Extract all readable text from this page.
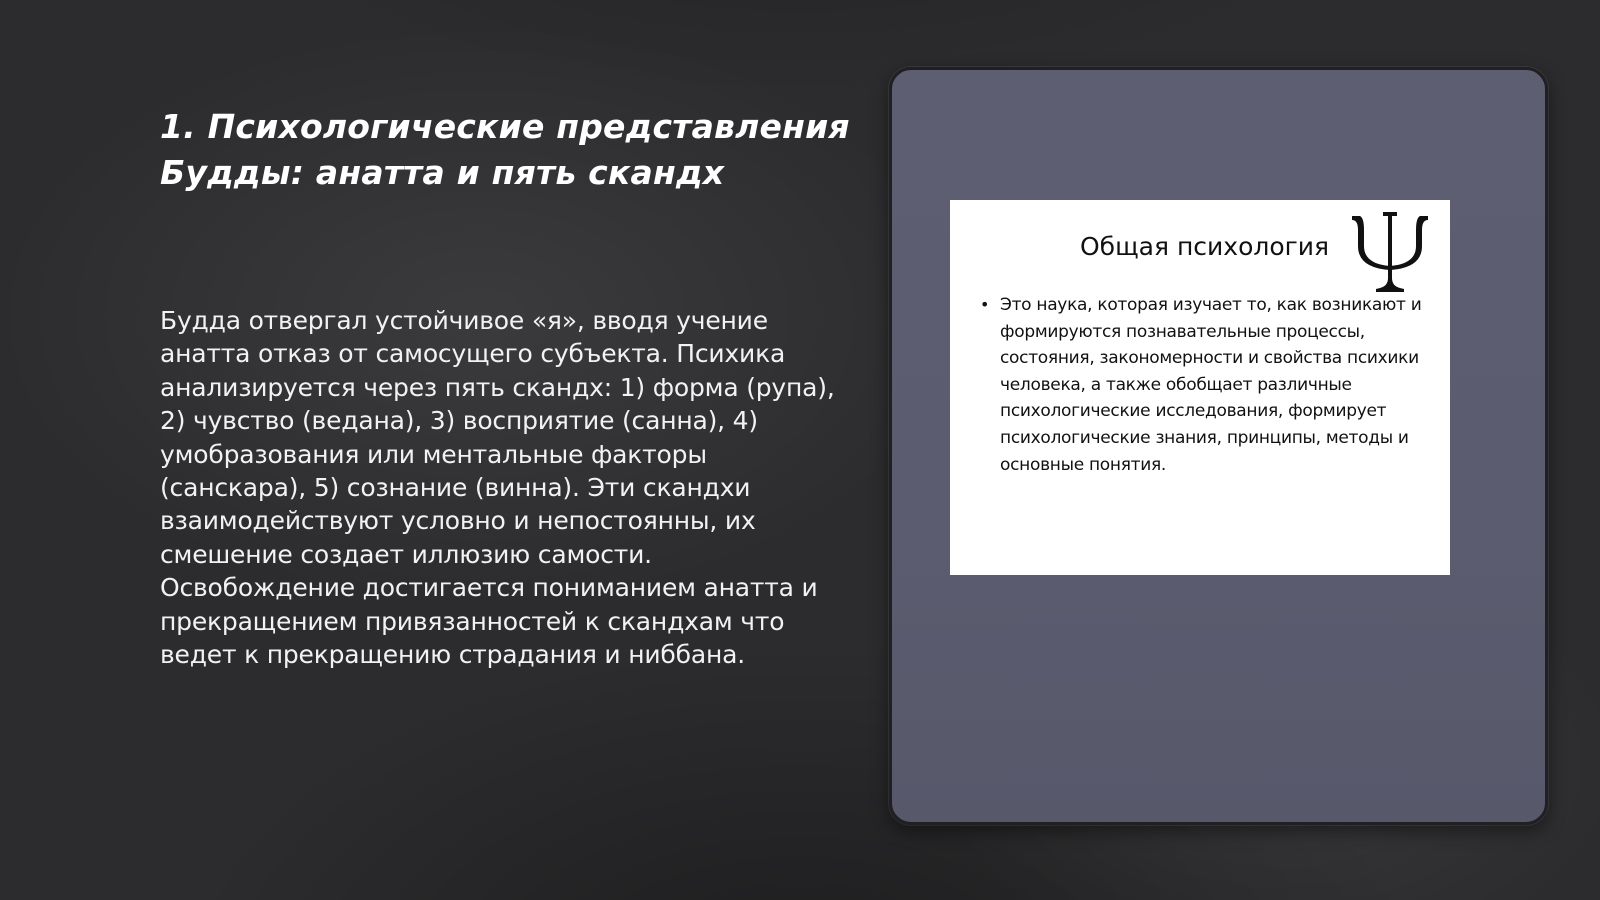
1. Психологические представления Будды: анатта и пять скандх

Будда отвергал устойчивое «я», вводя учение анатта отказ от самосущего субъекта. Психика анализируется через пять скандх: 1) форма (рупа), 2) чувство (ведана), 3) восприятие (санна), 4) умобразования или ментальные факторы (санскара), 5) сознание (винна). Эти скандхи взаимодействуют условно и непостоянны, их смешение создает иллюзию самости. Освобождение достигается пониманием анатта и прекращением привязанностей к скандхам что ведет к прекращению страдания и ниббана.

Общая психология
• Это наука, которая изучает то, как возникают и формируются познавательные процессы, состояния, закономерности и свойства психики человека, а также обобщает различные психологические исследования, формирует психологические знания, принципы, методы и основные понятия.
